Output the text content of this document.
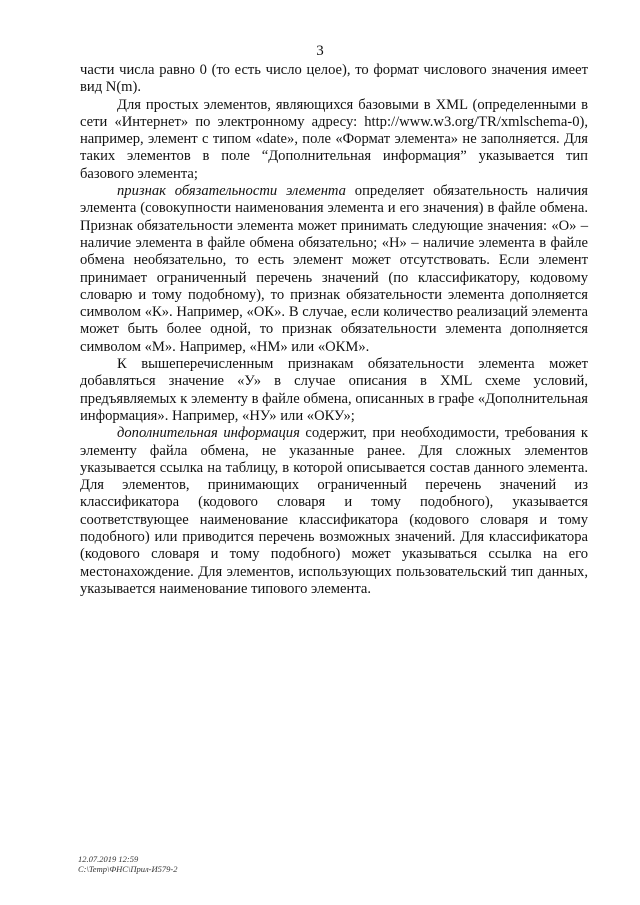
3

части числа равно 0 (то есть число целое), то формат числового значения имеет вид N(m).

Для простых элементов, являющихся базовыми в XML (определенными в сети «Интернет» по электронному адресу: http://www.w3.org/TR/xmlschema-0), например, элемент с типом «date», поле «Формат элемента» не заполняется. Для таких элементов в поле “Дополнительная информация” указывается тип базового элемента;

признак обязательности элемента определяет обязательность наличия элемента (совокупности наименования элемента и его значения) в файле обмена. Признак обязательности элемента может принимать следующие значения: «О» – наличие элемента в файле обмена обязательно; «Н» – наличие элемента в файле обмена необязательно, то есть элемент может отсутствовать. Если элемент принимает ограниченный перечень значений (по классификатору, кодовому словарю и тому подобному), то признак обязательности элемента дополняется символом «К». Например, «ОК». В случае, если количество реализаций элемента может быть более одной, то признак обязательности элемента дополняется символом «М». Например, «НМ» или «ОКМ».

К вышеперечисленным признакам обязательности элемента может добавляться значение «У» в случае описания в XML схеме условий, предъявляемых к элементу в файле обмена, описанных в графе «Дополнительная информация». Например, «НУ» или «ОКУ»;

дополнительная информация содержит, при необходимости, требования к элементу файла обмена, не указанные ранее. Для сложных элементов указывается ссылка на таблицу, в которой описывается состав данного элемента. Для элементов, принимающих ограниченный перечень значений из классификатора (кодового словаря и тому подобного), указывается соответствующее наименование классификатора (кодового словаря и тому подобного) или приводится перечень возможных значений. Для классификатора (кодового словаря и тому подобного) может указываться ссылка на его местонахождение. Для элементов, использующих пользовательский тип данных, указывается наименование типового элемента.

12.07.2019 12:59
C:\Temp\ФНС\Прил-И579-2
